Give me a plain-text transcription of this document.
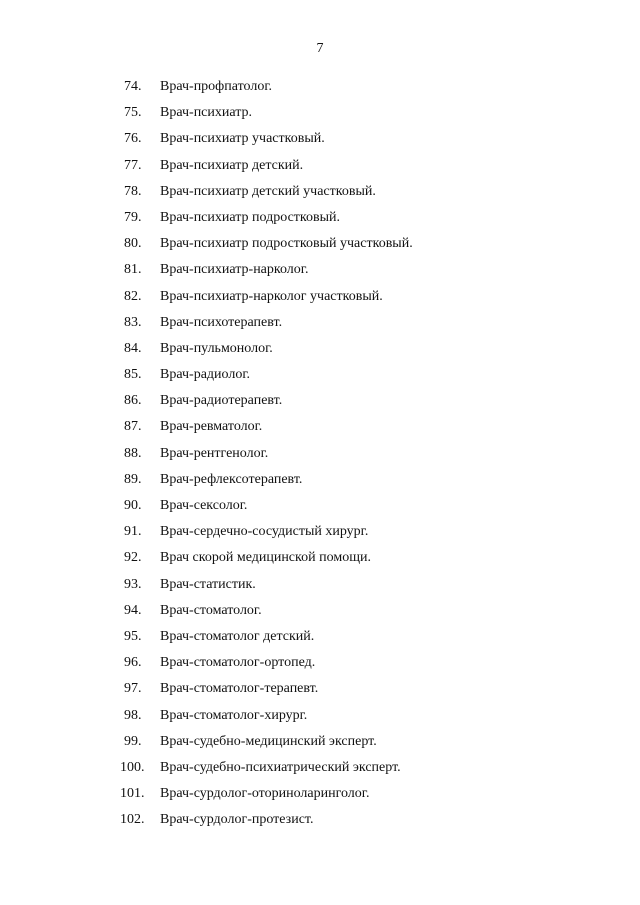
7
74. Врач-профпатолог.
75. Врач-психиатр.
76. Врач-психиатр участковый.
77. Врач-психиатр детский.
78. Врач-психиатр детский участковый.
79. Врач-психиатр подростковый.
80. Врач-психиатр подростковый участковый.
81. Врач-психиатр-нарколог.
82. Врач-психиатр-нарколог участковый.
83. Врач-психотерапевт.
84. Врач-пульмонолог.
85. Врач-радиолог.
86. Врач-радиотерапевт.
87. Врач-ревматолог.
88. Врач-рентгенолог.
89. Врач-рефлексотерапевт.
90. Врач-сексолог.
91. Врач-сердечно-сосудистый хирург.
92. Врач скорой медицинской помощи.
93. Врач-статистик.
94. Врач-стоматолог.
95. Врач-стоматолог детский.
96. Врач-стоматолог-ортопед.
97. Врач-стоматолог-терапевт.
98. Врач-стоматолог-хирург.
99. Врач-судебно-медицинский эксперт.
100. Врач-судебно-психиатрический эксперт.
101. Врач-сурдолог-оториноларинголог.
102. Врач-сурдолог-протезист.
